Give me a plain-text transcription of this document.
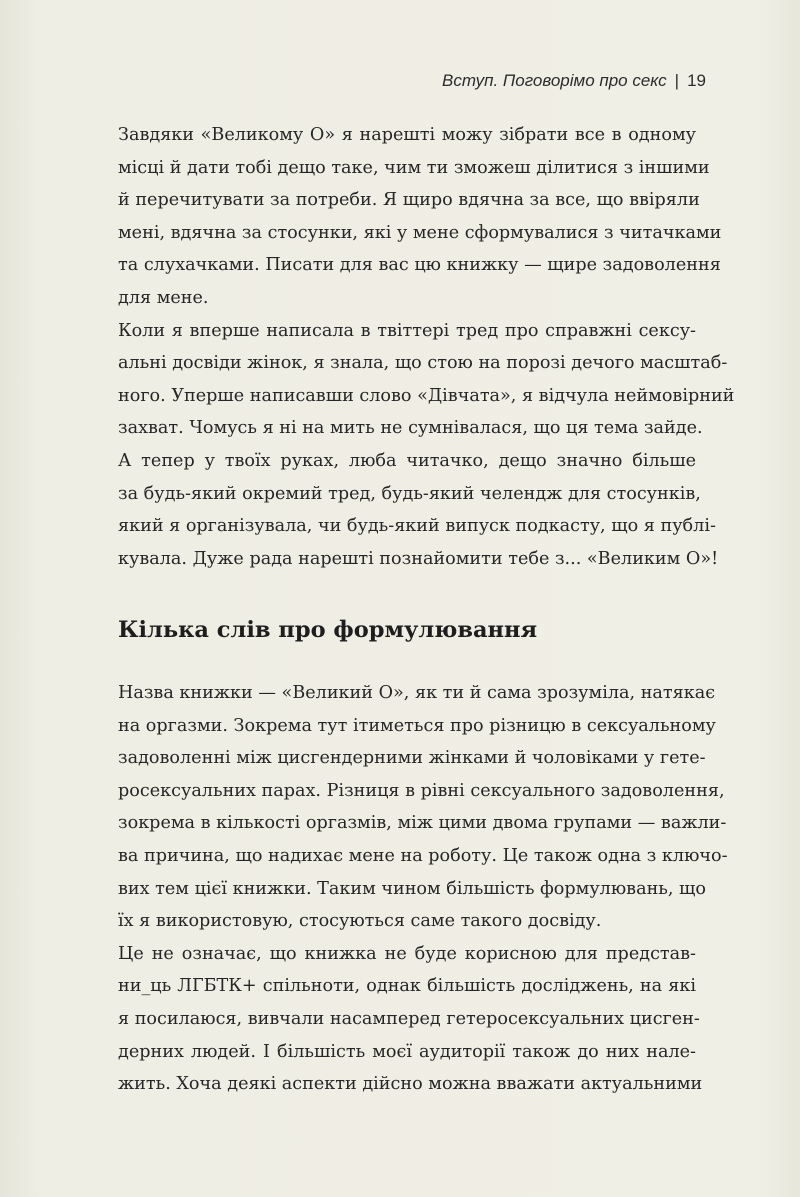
Вступ. Поговорімо про секс | 19
Завдяки «Великому О» я нарешті можу зібрати все в одному
місці й дати тобі дещо таке, чим ти зможеш ділитися з іншими
й перечитувати за потреби. Я щиро вдячна за все, що ввіряли
мені, вдячна за стосунки, які у мене сформувалися з читачками
та слухачками. Писати для вас цю книжку — щире задоволення
для мене.
Коли я вперше написала в твіттері тред про справжні сексу-
альні досвіди жінок, я знала, що стою на порозі дечого масштаб-
ного. Уперше написавши слово «Дівчата», я відчула неймовірний
захват. Чомусь я ні на мить не сумнівалася, що ця тема зайде.
А тепер у твоїх руках, люба читачко, дещо значно більше
за будь-який окремий тред, будь-який челендж для стосунків,
який я організувала, чи будь-який випуск подкасту, що я публі-
кувала. Дуже рада нарешті познайомити тебе з... «Великим О»!
Кілька слів про формулювання
Назва книжки — «Великий О», як ти й сама зрозуміла, натякає
на оргазми. Зокрема тут ітиметься про різницю в сексуальному
задоволенні між цисгендерними жінками й чоловіками у гете-
росексуальних парах. Різниця в рівні сексуального задоволення,
зокрема в кількості оргазмів, між цими двома групами — важли-
ва причина, що надихає мене на роботу. Це також одна з ключо-
вих тем цієї книжки. Таким чином більшість формулювань, що
їх я використовую, стосуються саме такого досвіду.
Це не означає, що книжка не буде корисною для представ-
ни_ць ЛГБТК+ спільноти, однак більшість досліджень, на які
я посилаюся, вивчали насамперед гетеросексуальних цисген-
дерних людей. І більшість моєї аудиторії також до них нале-
жить. Хоча деякі аспекти дійсно можна вважати актуальними
